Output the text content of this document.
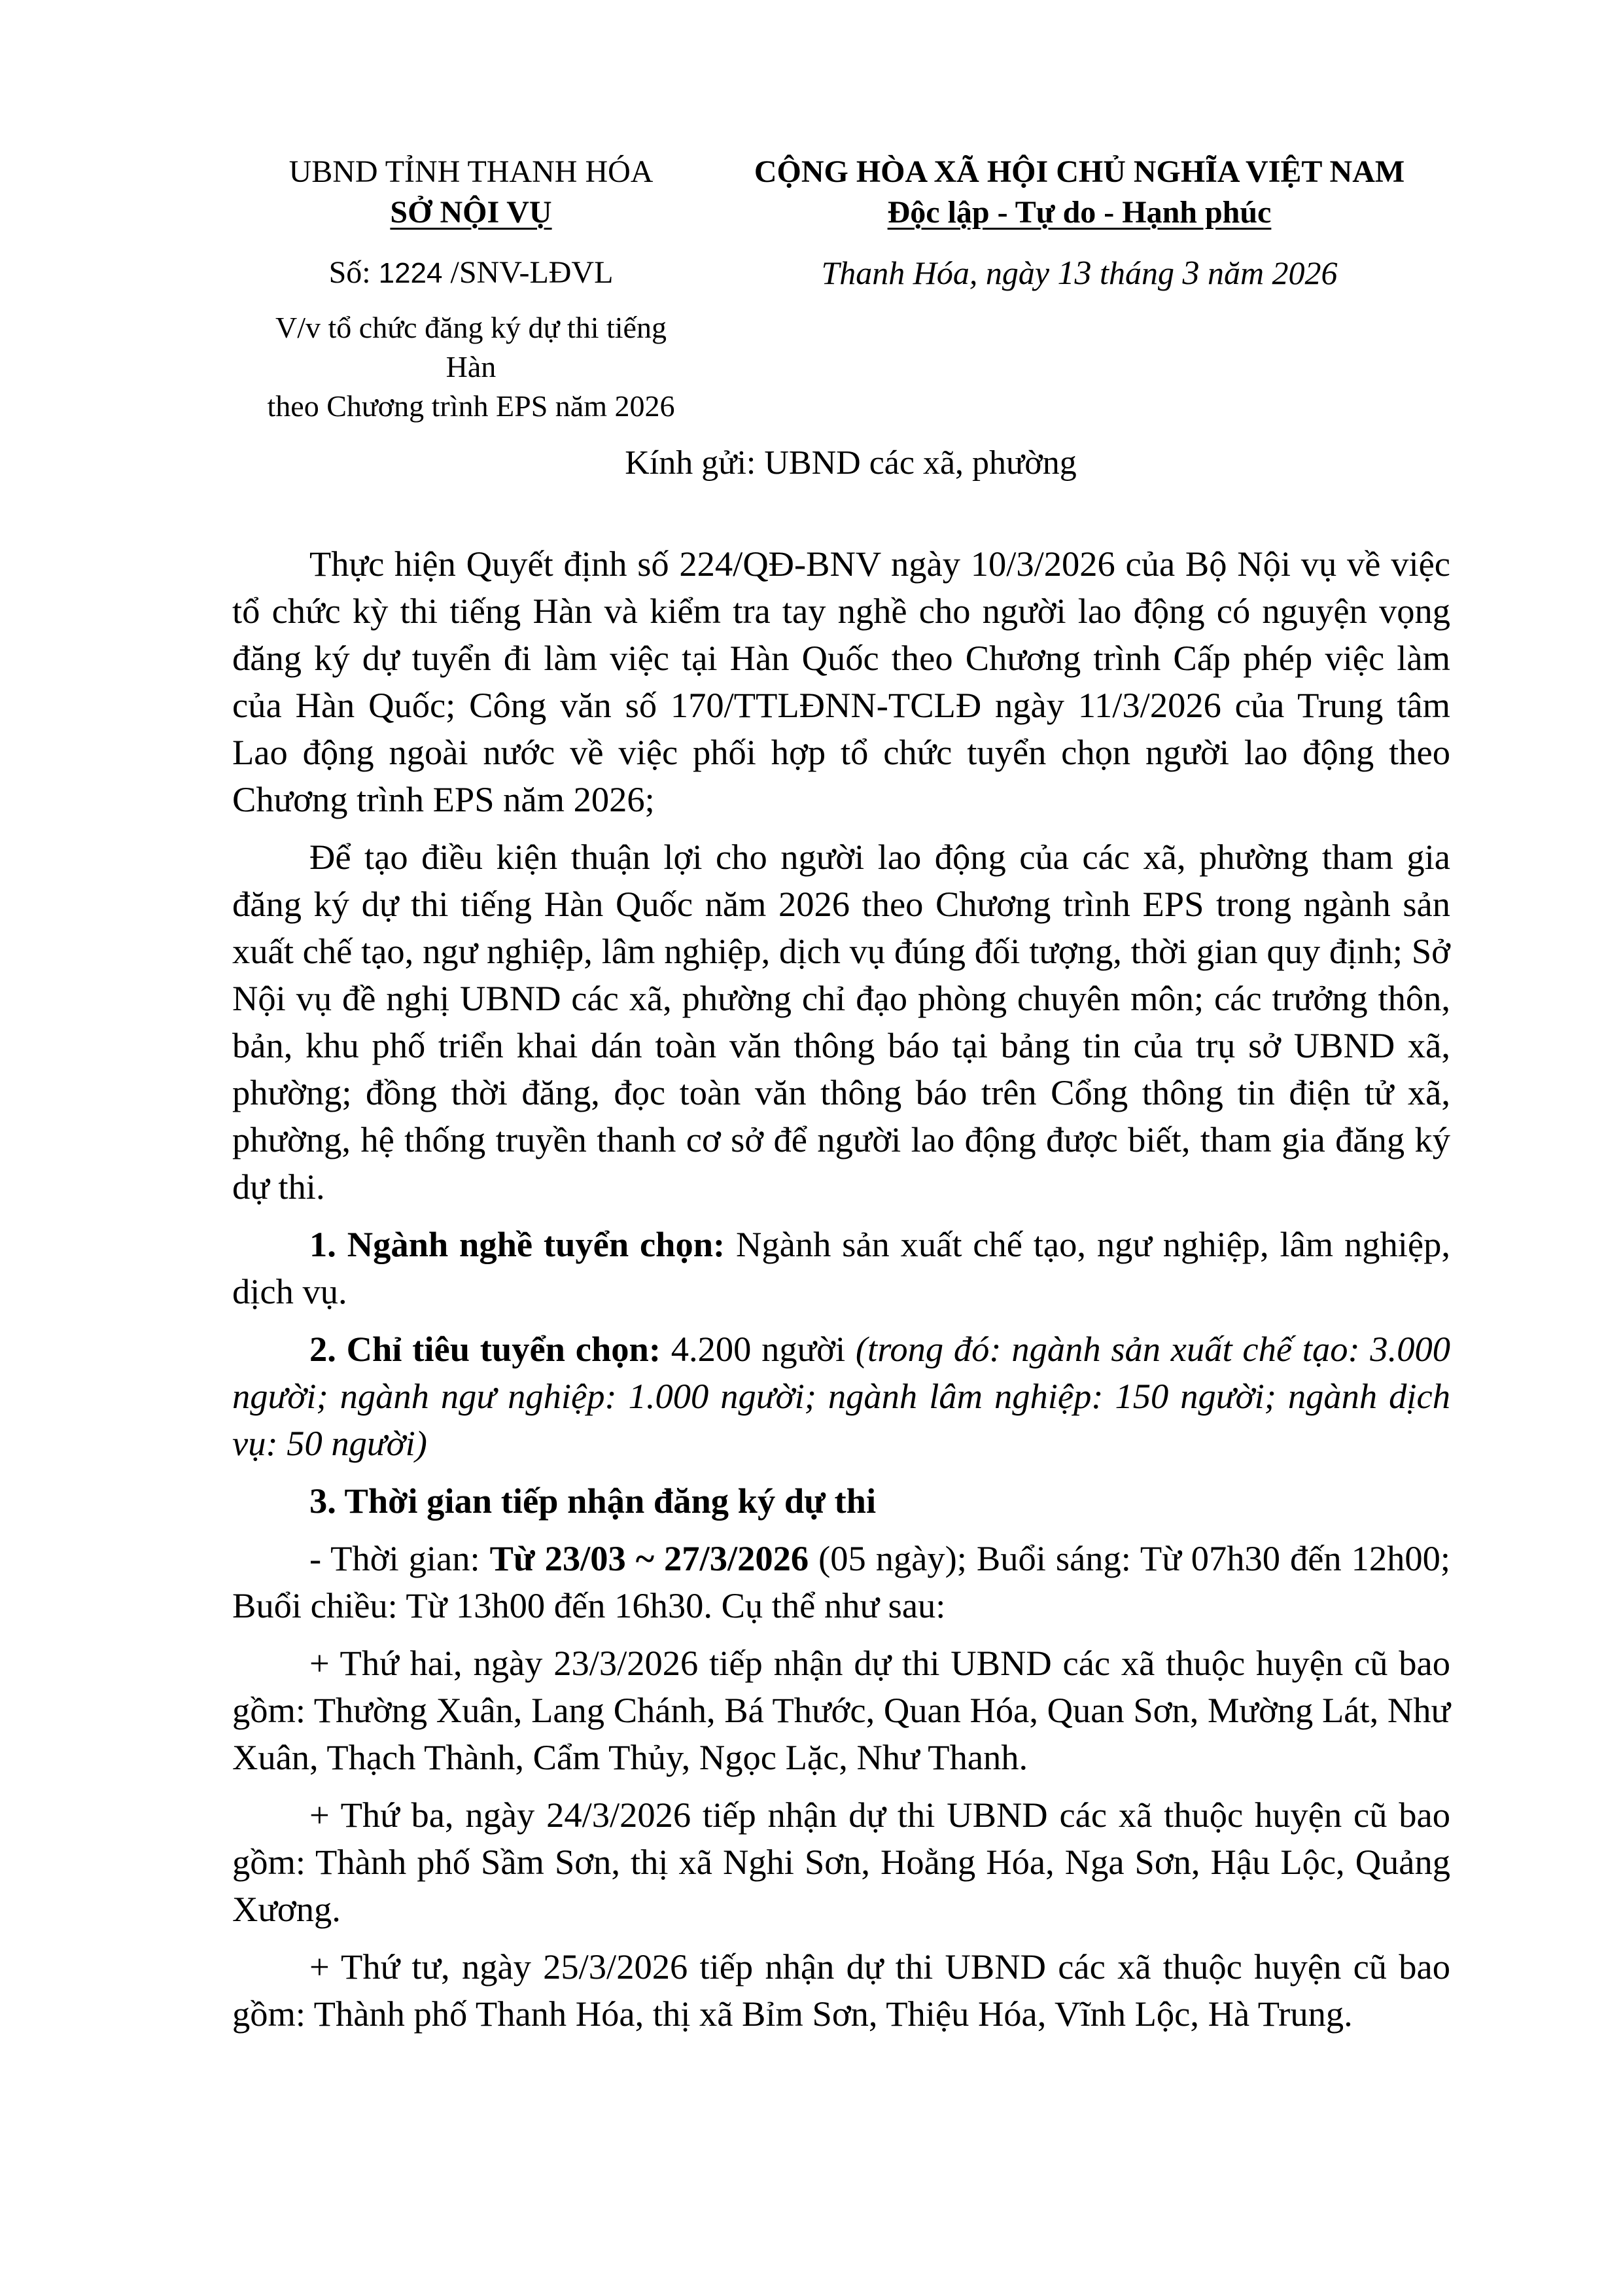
UBND TỈNH THANH HÓA
SỞ NỘI VỤ
Số: 1224 /SNV-LĐVL
V/v tổ chức đăng ký dự thi tiếng Hàn
theo Chương trình EPS năm 2026
CỘNG HÒA XÃ HỘI CHỦ NGHĨA VIỆT NAM
Độc lập - Tự do - Hạnh phúc
Thanh Hóa, ngày 13 tháng 3 năm 2026
Kính gửi: UBND các xã, phường

Thực hiện Quyết định số 224/QĐ-BNV ngày 10/3/2026 của Bộ Nội vụ về việc tổ chức kỳ thi tiếng Hàn và kiểm tra tay nghề cho người lao động có nguyện vọng đăng ký dự tuyển đi làm việc tại Hàn Quốc theo Chương trình Cấp phép việc làm của Hàn Quốc; Công văn số 170/TTLĐNN-TCLĐ ngày 11/3/2026 của Trung tâm Lao động ngoài nước về việc phối hợp tổ chức tuyển chọn người lao động theo Chương trình EPS năm 2026;

Để tạo điều kiện thuận lợi cho người lao động của các xã, phường tham gia đăng ký dự thi tiếng Hàn Quốc năm 2026 theo Chương trình EPS trong ngành sản xuất chế tạo, ngư nghiệp, lâm nghiệp, dịch vụ đúng đối tượng, thời gian quy định; Sở Nội vụ đề nghị UBND các xã, phường chỉ đạo phòng chuyên môn; các trưởng thôn, bản, khu phố triển khai dán toàn văn thông báo tại bảng tin của trụ sở UBND xã, phường; đồng thời đăng, đọc toàn văn thông báo trên Cổng thông tin điện tử xã, phường, hệ thống truyền thanh cơ sở để người lao động được biết, tham gia đăng ký dự thi.

1. Ngành nghề tuyển chọn: Ngành sản xuất chế tạo, ngư nghiệp, lâm nghiệp, dịch vụ.

2. Chỉ tiêu tuyển chọn: 4.200 người (trong đó: ngành sản xuất chế tạo: 3.000 người; ngành ngư nghiệp: 1.000 người; ngành lâm nghiệp: 150 người; ngành dịch vụ: 50 người)

3. Thời gian tiếp nhận đăng ký dự thi

- Thời gian: Từ 23/03 ~ 27/3/2026 (05 ngày); Buổi sáng: Từ 07h30 đến 12h00; Buổi chiều: Từ 13h00 đến 16h30. Cụ thể như sau:

+ Thứ hai, ngày 23/3/2026 tiếp nhận dự thi UBND các xã thuộc huyện cũ bao gồm: Thường Xuân, Lang Chánh, Bá Thước, Quan Hóa, Quan Sơn, Mường Lát, Như Xuân, Thạch Thành, Cẩm Thủy, Ngọc Lặc, Như Thanh.

+ Thứ ba, ngày 24/3/2026 tiếp nhận dự thi UBND các xã thuộc huyện cũ bao gồm: Thành phố Sầm Sơn, thị xã Nghi Sơn, Hoằng Hóa, Nga Sơn, Hậu Lộc, Quảng Xương.

+ Thứ tư, ngày 25/3/2026 tiếp nhận dự thi UBND các xã thuộc huyện cũ bao gồm: Thành phố Thanh Hóa, thị xã Bỉm Sơn, Thiệu Hóa, Vĩnh Lộc, Hà Trung.
